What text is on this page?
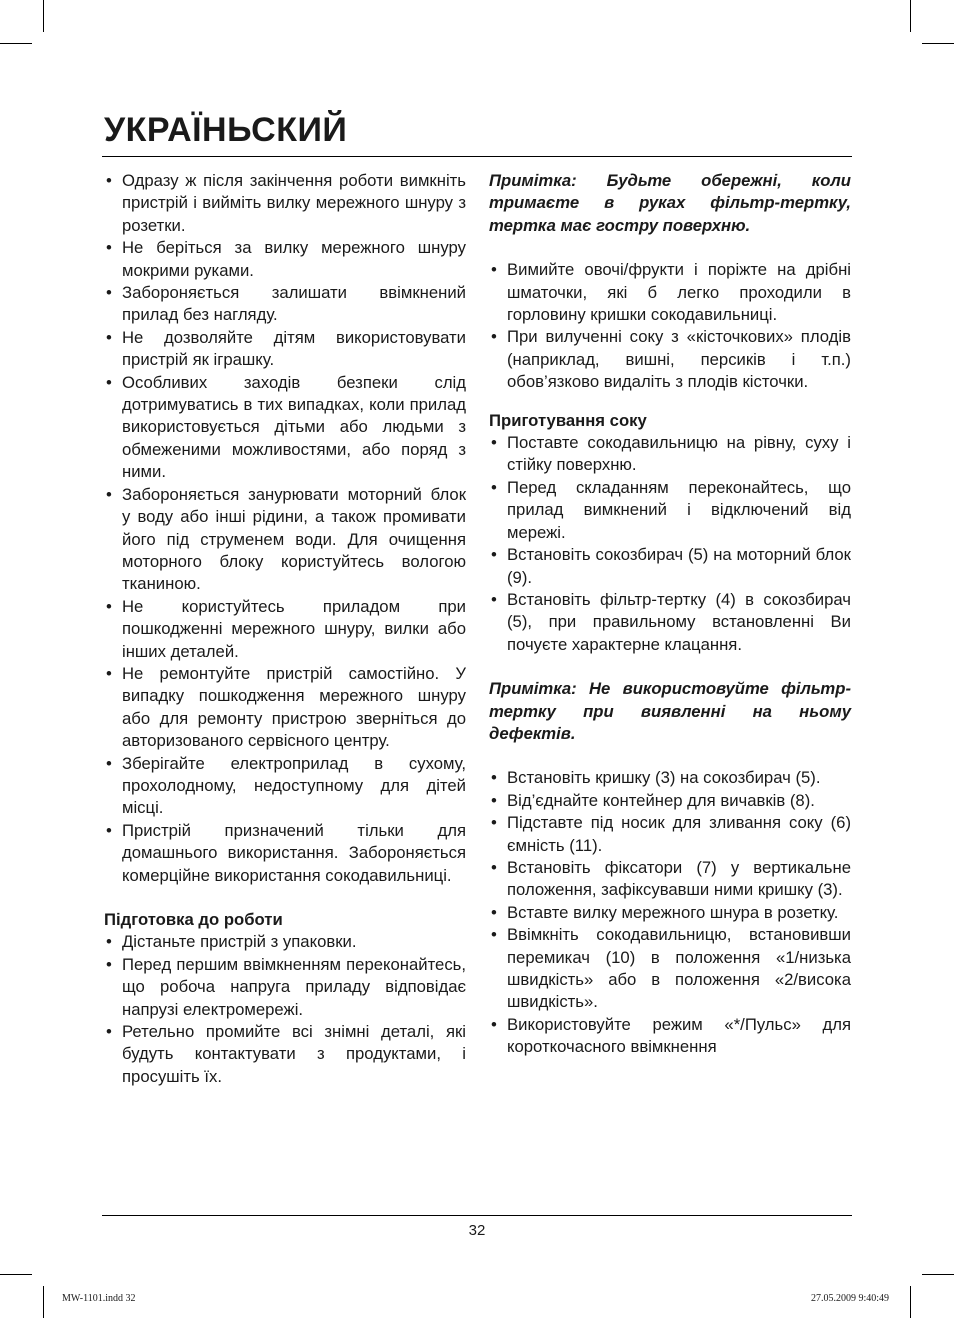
УКРАЇНЬСКИЙ
• Одразу ж після закінчення роботи вимкніть пристрій і вийміть вилку мережного шнуру з розетки.
• Не беріться за вилку мережного шнуру мокрими руками.
• Забороняється залишати ввімкнений прилад без нагляду.
• Не дозволяйте дітям використовувати пристрій як іграшку.
• Особливих заходів безпеки слід дотримуватись в тих випадках, коли прилад використовується дітьми або людьми з обмеженими можливостями, або поряд з ними.
• Забороняється занурювати моторний блок у воду або інші рідини, а також промивати його під струменем води. Для очищення моторного блоку користуйтесь вологою тканиною.
• Не користуйтесь приладом при пошкодженні мережного шнуру, вилки або інших деталей.
• Не ремонтуйте пристрій самостійно. У випадку пошкодження мережного шнуру або для ремонту пристрою зверніться до авторизованого сервісного центру.
• Зберігайте електроприлад в сухому, прохолодному, недоступному для дітей місці.
• Пристрій призначений тільки для домашнього використання. Забороняється комерційне використання сокодавильниці.
Підготовка до роботи
• Дістаньте пристрій з упаковки.
• Перед першим ввімкненням переконайтесь, що робоча напруга приладу відповідає напрузі електромережі.
• Ретельно промийте всі знімні деталі, які будуть контактувати з продуктами, і просушіть їх.

Примітка: Будьте обережні, коли тримаєте в руках фільтр-тертку, тертка має гостру поверхню.

• Вимийте овочі/фрукти і поріжте на дрібні шматочки, які б легко проходили в горловину кришки сокодавильниці.
• При вилученні соку з «кісточкових» плодів (наприклад, вишні, персиків і т.п.) обов’язково видаліть з плодів кісточки.
Приготування соку
• Поставте сокодавильницю на рівну, суху і стійку поверхню.
• Перед складанням переконайтесь, що прилад вимкнений і відключений від мережі.
• Встановіть сокозбирач (5) на моторний блок (9).
• Встановіть фільтр-тертку (4) в сокозбирач (5), при правильному встановленні Ви почуєте характерне клацання.

Примітка: Не використовуйте фільтр-тертку при виявленні на ньому дефектів.

• Встановіть кришку (3) на сокозбирач (5).
• Від’єднайте контейнер для вичавків (8).
• Підставте під носик для зливання соку (6) ємність (11).
• Встановіть фіксатори (7) у вертикальне положення, зафіксувавши ними кришку (3).
• Вставте вилку мережного шнура в розетку.
• Ввімкніть сокодавильницю, встановивши перемикач (10) в положення «1/низька швидкість» або в положення «2/висока швидкість».
• Використовуйте режим «*/Пульс» для короткочасного ввімкнення
32
MW-1101.indd 32	27.05.2009 9:40:49
